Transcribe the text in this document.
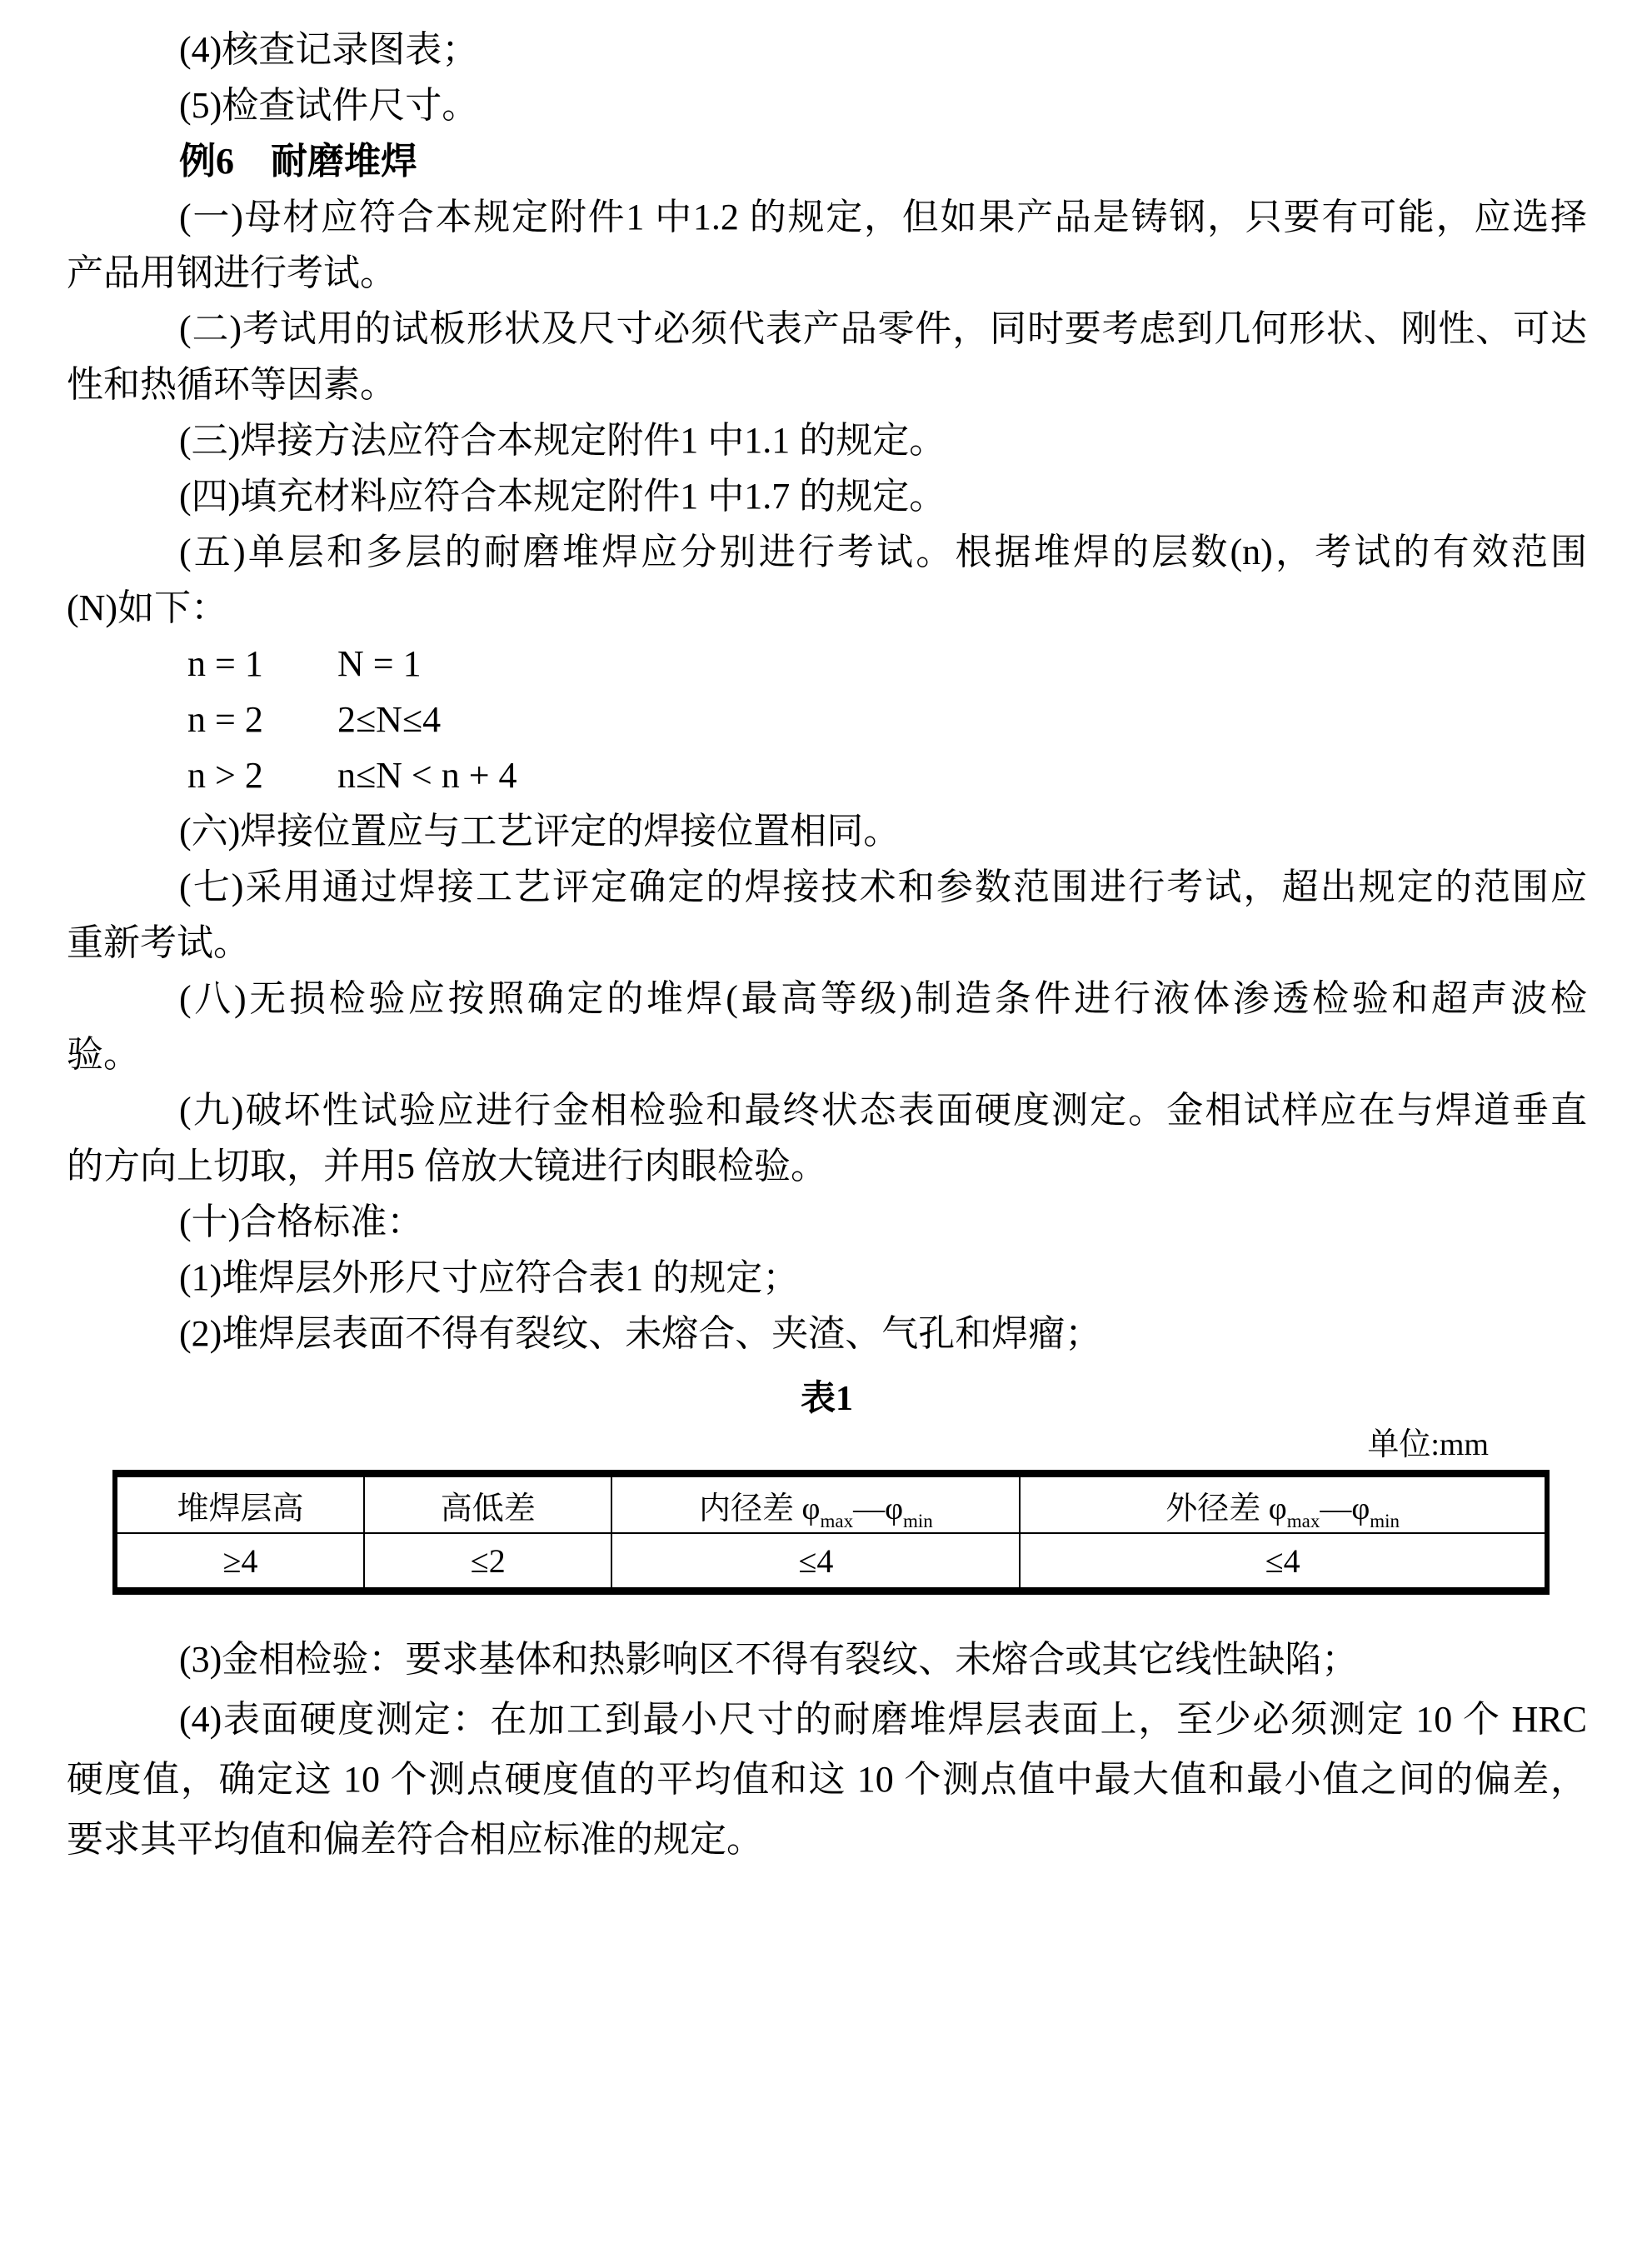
(4)核查记录图表；
(5)检查试件尺寸。
例6　耐磨堆焊
(一)母材应符合本规定附件1 中1.2 的规定，但如果产品是铸钢，只要有可能，应选择
产品用钢进行考试。
(二)考试用的试板形状及尺寸必须代表产品零件，同时要考虑到几何形状、刚性、可达
性和热循环等因素。
(三)焊接方法应符合本规定附件1 中1.1 的规定。
(四)填充材料应符合本规定附件1 中1.7 的规定。
(五)单层和多层的耐磨堆焊应分别进行考试。根据堆焊的层数(n)，考试的有效范围
(N)如下：
n = 1 N = 1
n = 2 2≤N≤4
n > 2 n≤N < n + 4
(六)焊接位置应与工艺评定的焊接位置相同。
(七)采用通过焊接工艺评定确定的焊接技术和参数范围进行考试，超出规定的范围应
重新考试。
(八)无损检验应按照确定的堆焊(最高等级)制造条件进行液体渗透检验和超声波检
验。
(九)破坏性试验应进行金相检验和最终状态表面硬度测定。金相试样应在与焊道垂直
的方向上切取，并用5 倍放大镜进行肉眼检验。
(十)合格标准：
(1)堆焊层外形尺寸应符合表1 的规定；
(2)堆焊层表面不得有裂纹、未熔合、夹渣、气孔和焊瘤；
表1
单位:mm
堆焊层高	高低差	内径差 $\varphi_{max}—\varphi_{min}$	外径差 $\varphi_{max}—\varphi_{min}$
≥4	≤2	≤4	≤4
(3)金相检验：要求基体和热影响区不得有裂纹、未熔合或其它线性缺陷；
(4)表面硬度测定：在加工到最小尺寸的耐磨堆焊层表面上，至少必须测定 10 个 HRC
硬度值，确定这 10 个测点硬度值的平均值和这 10 个测点值中最大值和最小值之间的偏差，
要求其平均值和偏差符合相应标准的规定。
